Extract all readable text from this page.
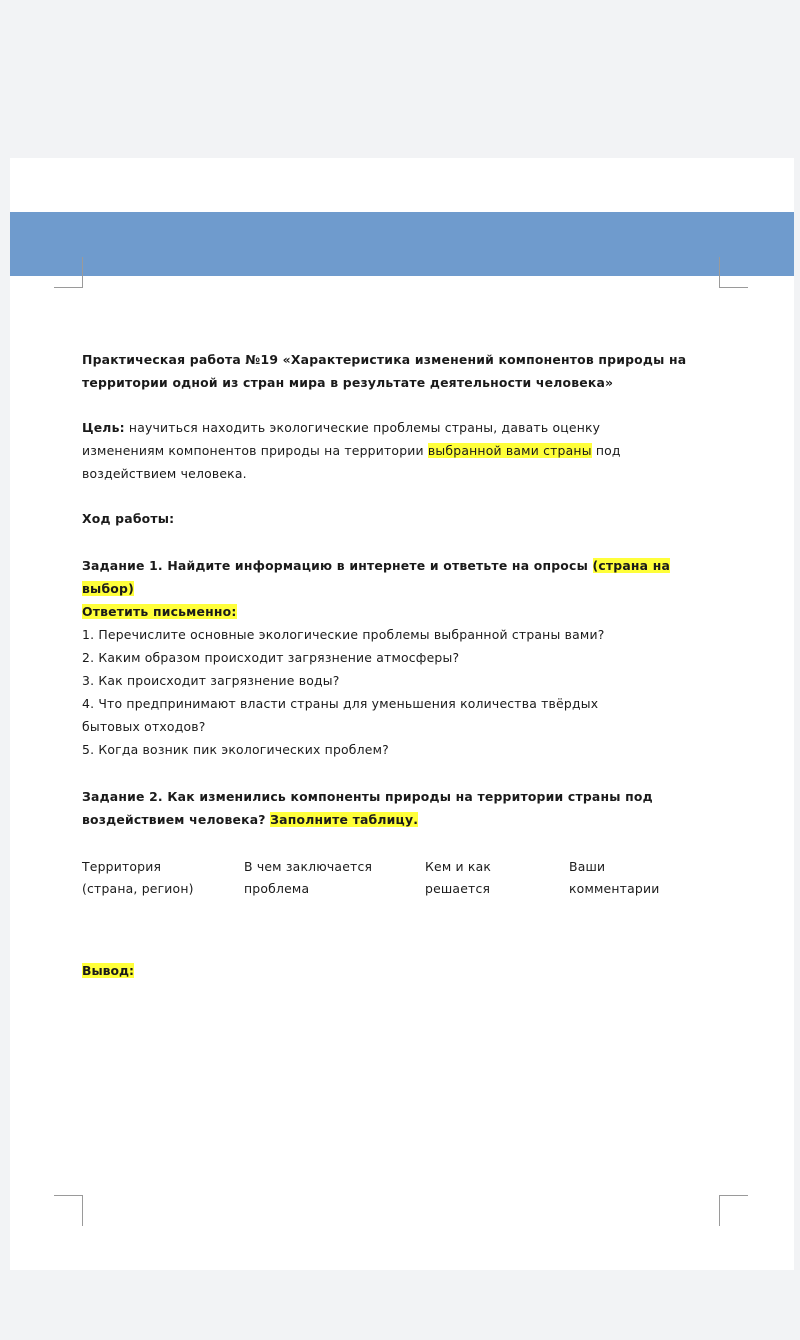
Практическая работа №19 «Характеристика изменений компонентов природы на

территории одной из стран мира в результате деятельности человека»

Цель: научиться находить экологические проблемы страны, давать оценку

изменениям компонентов природы на территории выбранной вами страны под

воздействием человека.

Ход работы:

Задание 1. Найдите информацию в интернете и ответьте на опросы (страна на

выбор)

Ответить письменно:

1. Перечислите основные экологические проблемы выбранной страны вами?

2. Каким образом происходит загрязнение атмосферы?

3. Как происходит загрязнение воды?

4. Что предпринимают власти страны для уменьшения количества твёрдых

бытовых отходов?

5. Когда возник пик экологических проблем?

Задание 2. Как изменились компоненты природы на территории страны под

воздействием человека? Заполните таблицу.

Территория
(страна, регион)
В чем заключается
проблема
Кем и как
решается
Ваши
комментарии
Вывод:
